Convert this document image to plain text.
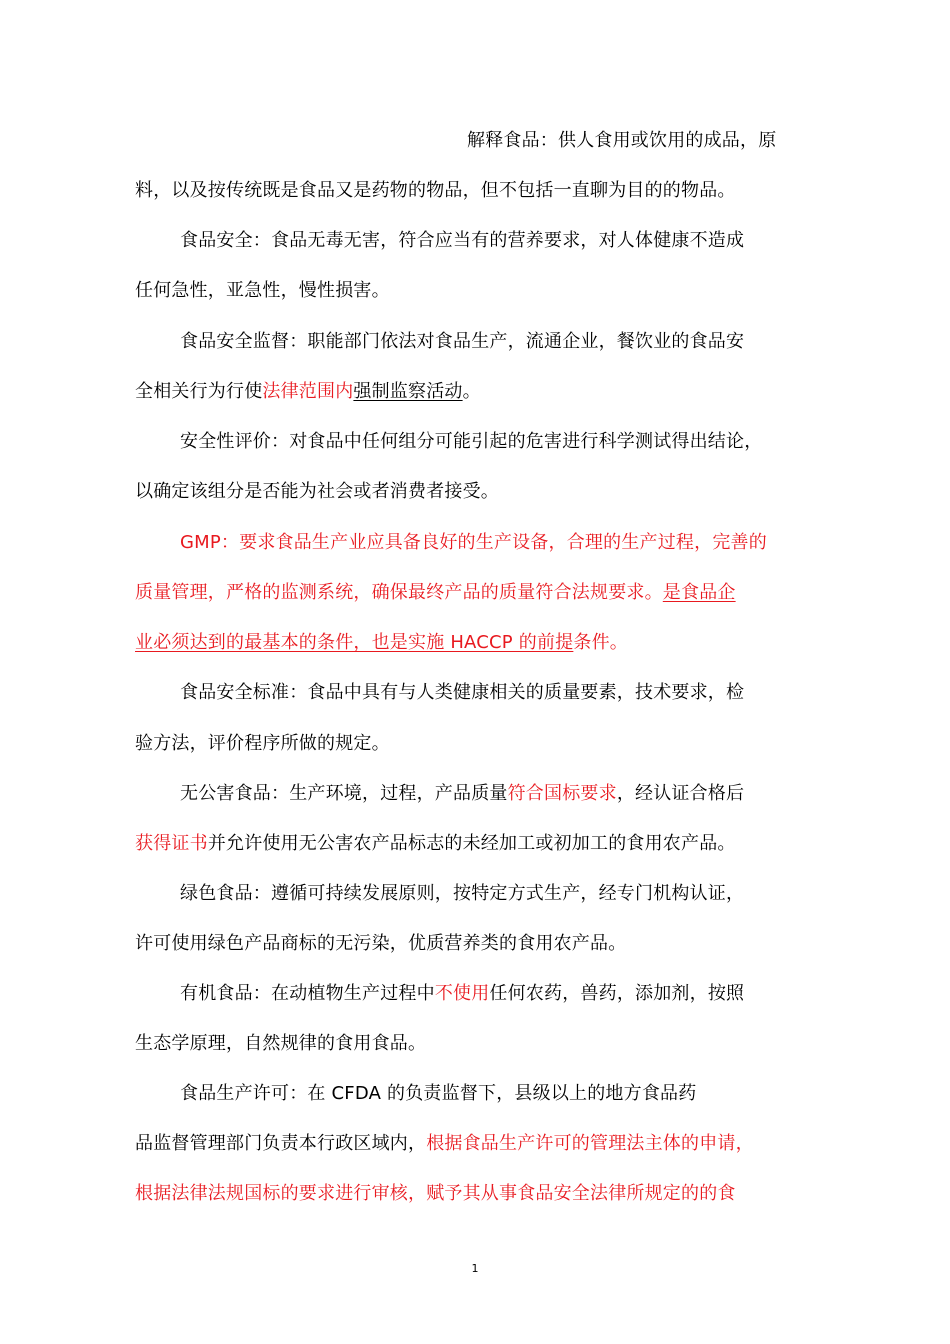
解释食品：供人食用或饮用的成品，原
料，以及按传统既是食品又是药物的物品，但不包括一直聊为目的的物品。
食品安全：食品无毒无害，符合应当有的营养要求，对人体健康不造成
任何急性，亚急性，慢性损害。
食品安全监督：职能部门依法对食品生产，流通企业，餐饮业的食品安
全相关行为行使法律范围内强制监察活动。
安全性评价：对食品中任何组分可能引起的危害进行科学测试得出结论，
以确定该组分是否能为社会或者消费者接受。
GMP：要求食品生产业应具备良好的生产设备，合理的生产过程，完善的
质量管理，严格的监测系统，确保最终产品的质量符合法规要求。是食品企
业必须达到的最基本的条件，也是实施 HACCP 的前提条件。
食品安全标准：食品中具有与人类健康相关的质量要素，技术要求，检
验方法，评价程序所做的规定。
无公害食品：生产环境，过程，产品质量符合国标要求，经认证合格后
获得证书并允许使用无公害农产品标志的未经加工或初加工的食用农产品。
绿色食品：遵循可持续发展原则，按特定方式生产，经专门机构认证，
许可使用绿色产品商标的无污染，优质营养类的食用农产品。
有机食品：在动植物生产过程中不使用任何农药，兽药，添加剂，按照
生态学原理，自然规律的食用食品。
食品生产许可：在 CFDA 的负责监督下，县级以上的地方食品药
品监督管理部门负责本行政区域内，根据食品生产许可的管理法主体的申请，
根据法律法规国标的要求进行审核，赋予其从事食品安全法律所规定的的食
1
